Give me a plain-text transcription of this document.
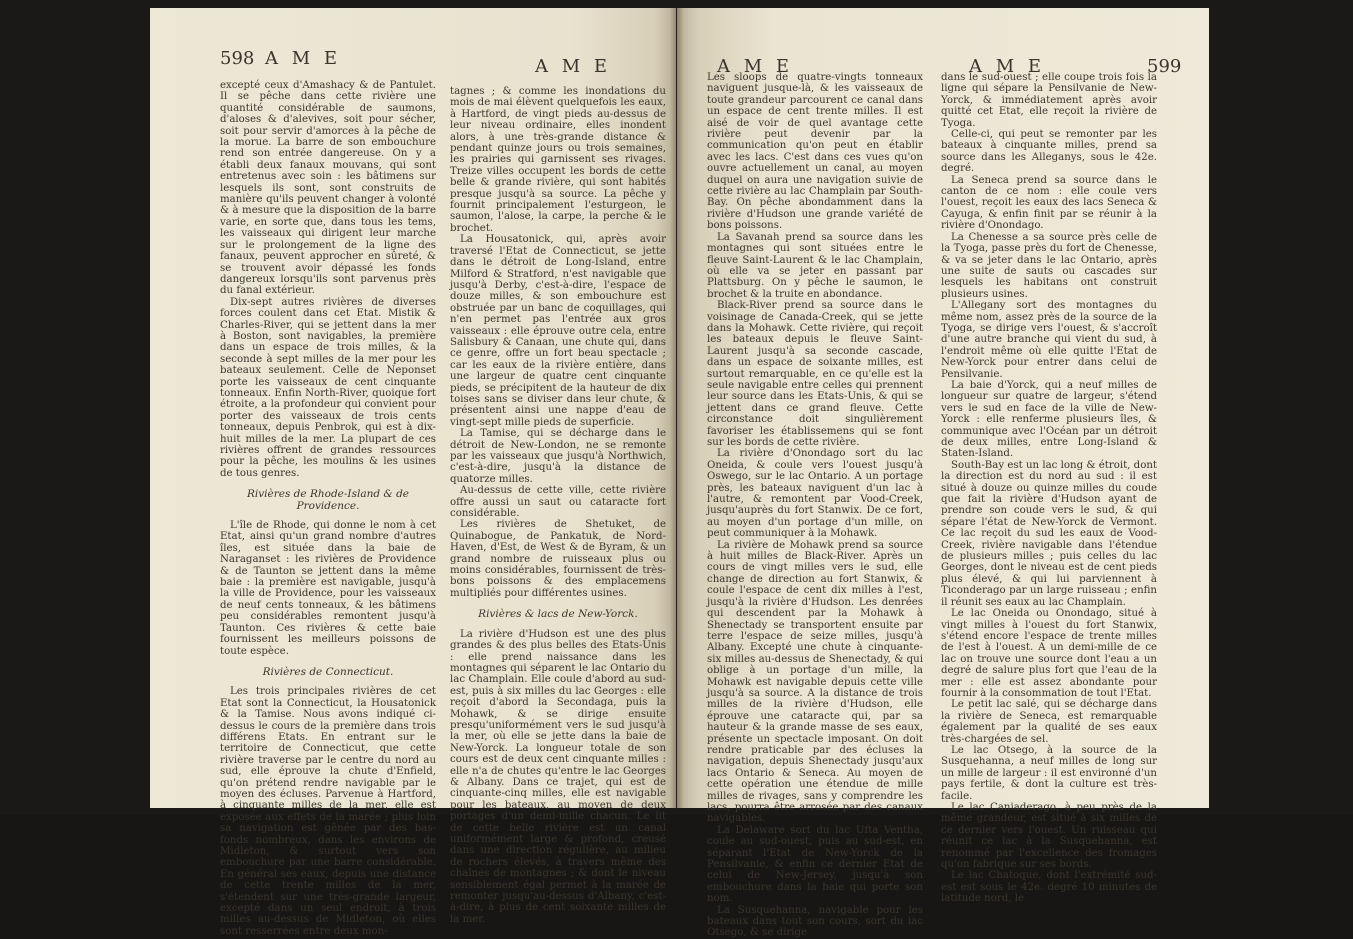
598 A M E	A M E

excepté ceux d'Amashacy & de Pantulet. Il se pêche dans cette rivière une quantité considérable de saumons, d'aloses & d'alevives, soit pour sécher, soit pour servir d'amorces à la pêche de la morue. La barre de son embouchure rend son entrée dangereuse. On y a établi deux fanaux mouvans, qui sont entretenus avec soin : les bâtimens sur lesquels ils sont, sont construits de manière qu'ils peuvent changer à volonté & à mesure que la disposition de la barre varie, en sorte que, dans tous les tems, les vaisseaux qui dirigent leur marche sur le prolongement de la ligne des fanaux, peuvent approcher en sûreté, & se trouvent avoir dépassé les fonds dangereux lorsqu'ils sont parvenus près du fanal extérieur.

Dix-sept autres rivières de diverses forces coulent dans cet Etat. Mistik & Charles-River, qui se jettent dans la mer à Boston, sont navigables, la première dans un espace de trois milles, & la seconde à sept milles de la mer pour les bateaux seulement. Celle de Neponset porte les vaisseaux de cent cinquante tonneaux. Enfin North-River, quoique fort étroite, a la profondeur qui convient pour porter des vaisseaux de trois cents tonneaux, depuis Penbrok, qui est à dix-huit milles de la mer. La plupart de ces rivières offrent de grandes ressources pour la pêche, les moulins & les usines de tous genres.

Rivières de Rhode-Island & de Providence.

L'île de Rhode, qui donne le nom à cet Etat, ainsi qu'un grand nombre d'autres îles, est située dans la baie de Naraganset : les rivières de Providence & de Taunton se jettent dans la même baie : la première est navigable, jusqu'à la ville de Providence, pour les vaisseaux de neuf cents tonneaux, & les bâtimens peu considérables remontent jusqu'à Taunton. Ces rivières & cette baie fournissent les meilleurs poissons de toute espèce.

Rivières de Connecticut.

Les trois principales rivières de cet Etat sont la Connecticut, la Housatonick & la Tamise. Nous avons indiqué ci-dessus le cours de la première dans trois différens Etats. En entrant sur le territoire de Connecticut, que cette rivière traverse par le centre du nord au sud, elle éprouve la chute d'Enfield, qu'on prétend rendre navigable par le moyen des écluses. Parvenue à Hartford, à cinquante milles de la mer, elle est exposée aux effets de la marée ; plus loin sa navigation est gênée par des bas-fonds nombreux, dans les environs de Midleton, & surtout vers son embouchure par une barre considérable. En général ses eaux, depuis une distance de cette trente milles de la mer, s'étendent sur une très-grande largeur, excepté dans un seul endroit, à trois milles au-dessus de Midleton, où elles sont resserrées entre deux mon-

tagnes ; & comme les inondations du mois de mai élèvent quelquefois les eaux, à Hartford, de vingt pieds au-dessus de leur niveau ordinaire, elles inondent alors, à une très-grande distance & pendant quinze jours ou trois semaines, les prairies qui garnissent ses rivages. Treize villes occupent les bords de cette belle & grande rivière, qui sont habités presque jusqu'à sa source. La pêche y fournit principalement l'esturgeon, le saumon, l'alose, la carpe, la perche & le brochet.

La Housatonick, qui, après avoir traversé l'Etat de Connecticut, se jette dans le détroit de Long-Island, entre Milford & Stratford, n'est navigable que jusqu'à Derby, c'est-à-dire, l'espace de douze milles, & son embouchure est obstruée par un banc de coquillages, qui n'en permet pas l'entrée aux gros vaisseaux : elle éprouve outre cela, entre Salisbury & Canaan, une chute qui, dans ce genre, offre un fort beau spectacle ; car les eaux de la rivière entière, dans une largeur de quatre cent cinquante pieds, se précipitent de la hauteur de dix toises sans se diviser dans leur chute, & présentent ainsi une nappe d'eau de vingt-sept mille pieds de superficie.

La Tamise, qui se décharge dans le détroit de New-London, ne se remonte par les vaisseaux que jusqu'à Northwich, c'est-à-dire, jusqu'à la distance de quatorze milles.

Au-dessus de cette ville, cette rivière offre aussi un saut ou cataracte fort considérable.

Les rivières de Shetuket, de Quinabogue, de Pankatuk, de Nord-Haven, d'Est, de West & de Byram, & un grand nombre de ruisseaux plus ou moins considérables, fournissent de très-bons poissons & des emplacemens multipliés pour différentes usines.

Rivières & lacs de New-Yorck.

La rivière d'Hudson est une des plus grandes & des plus belles des Etats-Unis : elle prend naissance dans les montagnes qui séparent le lac Ontario du lac Champlain. Elle coule d'abord au sud-est, puis à six milles du lac Georges : elle reçoit d'abord la Secondaga, puis la Mohawk, & se dirige ensuite presqu'uniformément vers le sud jusqu'à la mer, où elle se jette dans la baie de New-Yorck. La longueur totale de son cours est de deux cent cinquante milles : elle n'a de chutes qu'entre le lac Georges & Albany. Dans ce trajet, qui est de cinquante-cinq milles, elle est navigable pour les bateaux, au moyen de deux portages d'un demi-mille chacun. Le lit de cette belle rivière est un canal uniformément large & profond, creusé dans une direction régulière, au milieu de rochers élevés, à travers même des chaînes de montagnes ; & dont le niveau sensiblement égal permet à la marée de remonter jusqu'au-dessus d'Albany, c'est-à-dire, à plus de cent soixante milles de la mer.

A M E	A M E	599

Les sloops de quatre-vingts tonneaux naviguent jusque-là, & les vaisseaux de toute grandeur parcourent ce canal dans un espace de cent trente milles. Il est aisé de voir de quel avantage cette rivière peut devenir par la communication qu'on peut en établir avec les lacs. C'est dans ces vues qu'on ouvre actuellement un canal, au moyen duquel on aura une navigation suivie de cette rivière au lac Champlain par South-Bay. On pêche abondamment dans la rivière d'Hudson une grande variété de bons poissons.

La Savanah prend sa source dans les montagnes qui sont situées entre le fleuve Saint-Laurent & le lac Champlain, où elle va se jeter en passant par Plattsburg. On y pêche le saumon, le brochet & la truite en abondance.

Black-River prend sa source dans le voisinage de Canada-Creek, qui se jette dans la Mohawk. Cette rivière, qui reçoit les bateaux depuis le fleuve Saint-Laurent jusqu'à sa seconde cascade, dans un espace de soixante milles, est surtout remarquable, en ce qu'elle est la seule navigable entre celles qui prennent leur source dans les Etats-Unis, & qui se jettent dans ce grand fleuve. Cette circonstance doit singulièrement favoriser les établissemens qui se font sur les bords de cette rivière.

La rivière d'Onondago sort du lac Oneida, & coule vers l'ouest jusqu'à Oswego, sur le lac Ontario. A un portage près, les bateaux naviguent d'un lac à l'autre, & remontent par Vood-Creek, jusqu'auprès du fort Stanwix. De ce fort, au moyen d'un portage d'un mille, on peut communiquer à la Mohawk.

La rivière de Mohawk prend sa source à huit milles de Black-River. Après un cours de vingt milles vers le sud, elle change de direction au fort Stanwix, & coule l'espace de cent dix milles à l'est, jusqu'à la rivière d'Hudson. Les denrées qui descendent par la Mohawk à Shenectady se transportent ensuite par terre l'espace de seize milles, jusqu'à Albany. Excepté une chute à cinquante-six milles au-dessus de Shenectady, & qui oblige à un portage d'un mille, la Mohawk est navigable depuis cette ville jusqu'à sa source. A la distance de trois milles de la rivière d'Hudson, elle éprouve une cataracte qui, par sa hauteur & la grande masse de ses eaux, présente un spectacle imposant. On doit rendre praticable par des écluses la navigation, depuis Shenectady jusqu'aux lacs Ontario & Seneca. Au moyen de cette opération une étendue de mille milles de rivages, sans y comprendre les lacs, pourra être arrosée par des canaux navigables.

La Delaware sort du lac Ufta Ventha, coule au sud-ouest, puis au sud-est, en séparant l'Etat de New-Yorck de la Pensilvanie, & enfin ce dernier Etat de celui de New-Jersey, jusqu'à son embouchure dans la baie qui porte son nom.

La Susquehanna, navigable pour les bateaux dans tout son cours, sort du lac Otsego, & se dirige

dans le sud-ouest ; elle coupe trois fois la ligne qui sépare la Pensilvanie de New-Yorck, & immédiatement après avoir quitté cet Etat, elle reçoit la rivière de Tyoga.

Celle-ci, qui peut se remonter par les bateaux à cinquante milles, prend sa source dans les Alleganys, sous le 42e. degré.

La Seneca prend sa source dans le canton de ce nom : elle coule vers l'ouest, reçoit les eaux des lacs Seneca & Cayuga, & enfin finit par se réunir à la rivière d'Onondago.

La Chenesse a sa source près celle de la Tyoga, passe près du fort de Chenesse, & va se jeter dans le lac Ontario, après une suite de sauts ou cascades sur lesquels les habitans ont construit plusieurs usines.

L'Allegany sort des montagnes du même nom, assez près de la source de la Tyoga, se dirige vers l'ouest, & s'accroît d'une autre branche qui vient du sud, à l'endroit même où elle quitte l'Etat de New-Yorck pour entrer dans celui de Pensilvanie.

La baie d'Yorck, qui a neuf milles de longueur sur quatre de largeur, s'étend vers le sud en face de la ville de New-Yorck : elle renferme plusieurs îles, & communique avec l'Océan par un détroit de deux milles, entre Long-Island & Staten-Island.

South-Bay est un lac long & étroit, dont la direction est du nord au sud : il est situé à douze ou quinze milles du coude que fait la rivière d'Hudson ayant de prendre son coude vers le sud, & qui sépare l'état de New-Yorck de Vermont. Ce lac reçoit du sud les eaux de Vood-Creek, rivière navigable dans l'étendue de plusieurs milles ; puis celles du lac Georges, dont le niveau est de cent pieds plus élevé, & qui lui parviennent à Ticonderago par un large ruisseau ; enfin il réunit ses eaux au lac Champlain.

Le lac Oneida ou Onondago, situé à vingt milles à l'ouest du fort Stanwix, s'étend encore l'espace de trente milles de l'est à l'ouest. A un demi-mille de ce lac on trouve une source dont l'eau a un degré de salure plus fort que l'eau de la mer : elle est assez abondante pour fournir à la consommation de tout l'Etat.

Le petit lac salé, qui se décharge dans la rivière de Seneca, est remarquable également par la qualité de ses eaux très-chargées de sel.

Le lac Otsego, à la source de la Susquehanna, a neuf milles de long sur un mille de largeur : il est environné d'un pays fertile, & dont la culture est très-facile.

Le lac Caniaderago, à peu près de la même grandeur, est situé à six milles de ce dernier vers l'ouest. Un ruisseau qui réunit ce lac à la Susquehanna, est renommé par l'excellence des fromages qu'on fabrique sur ses bords.

Le lac Chatoque, dont l'extrémité sud-est est sous le 42e. degré 10 minutes de latitude nord, le
